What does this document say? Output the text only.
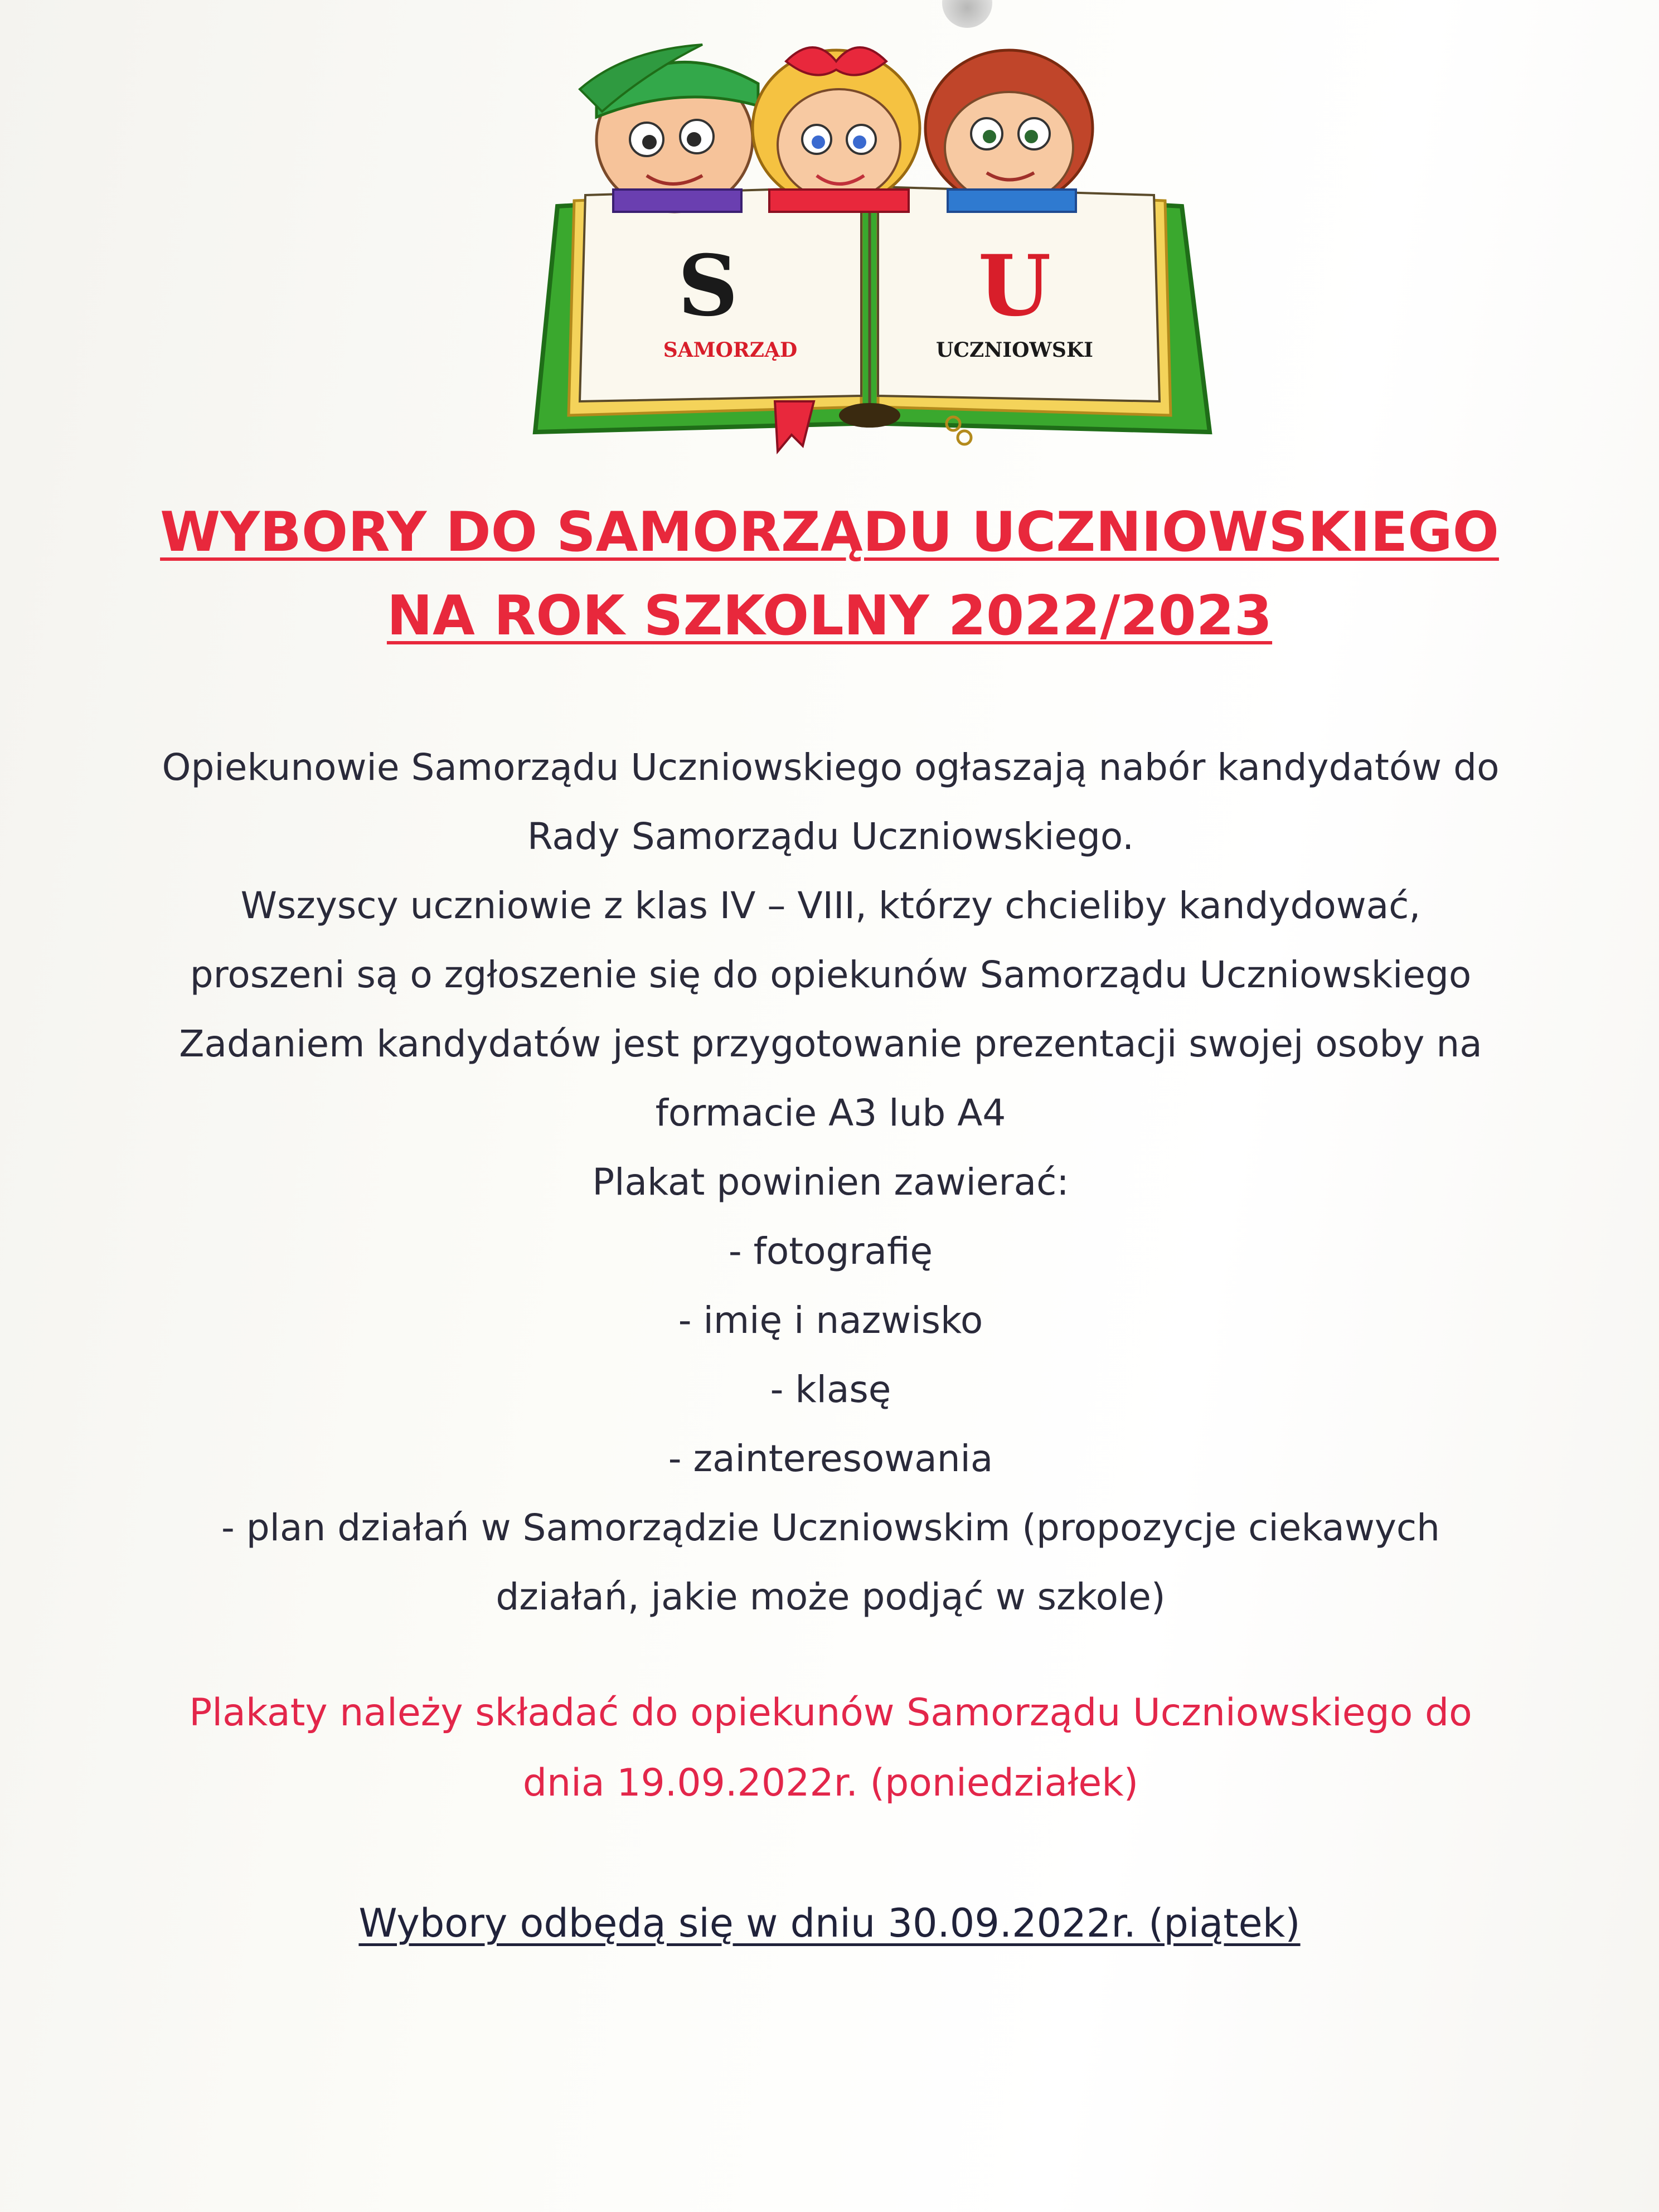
S	U
SAMORZĄD	UCZNIOWSKI
WYBORY DO SAMORZĄDU UCZNIOWSKIEGO
NA ROK SZKOLNY 2022/2023
Opiekunowie Samorządu Uczniowskiego ogłaszają nabór kandydatów do
Rady Samorządu Uczniowskiego.
Wszyscy uczniowie z klas IV – VIII, którzy chcieliby kandydować,
proszeni są o zgłoszenie się do opiekunów Samorządu Uczniowskiego
Zadaniem kandydatów jest przygotowanie prezentacji swojej osoby na
formacie A3 lub A4
Plakat powinien zawierać:
- fotografię
- imię i nazwisko
- klasę
- zainteresowania
- plan działań w Samorządzie Uczniowskim (propozycje ciekawych
działań, jakie może podjąć w szkole)
Plakaty należy składać do opiekunów Samorządu Uczniowskiego do
dnia 19.09.2022r. (poniedziałek)
Wybory odbędą się w dniu 30.09.2022r. (piątek)
